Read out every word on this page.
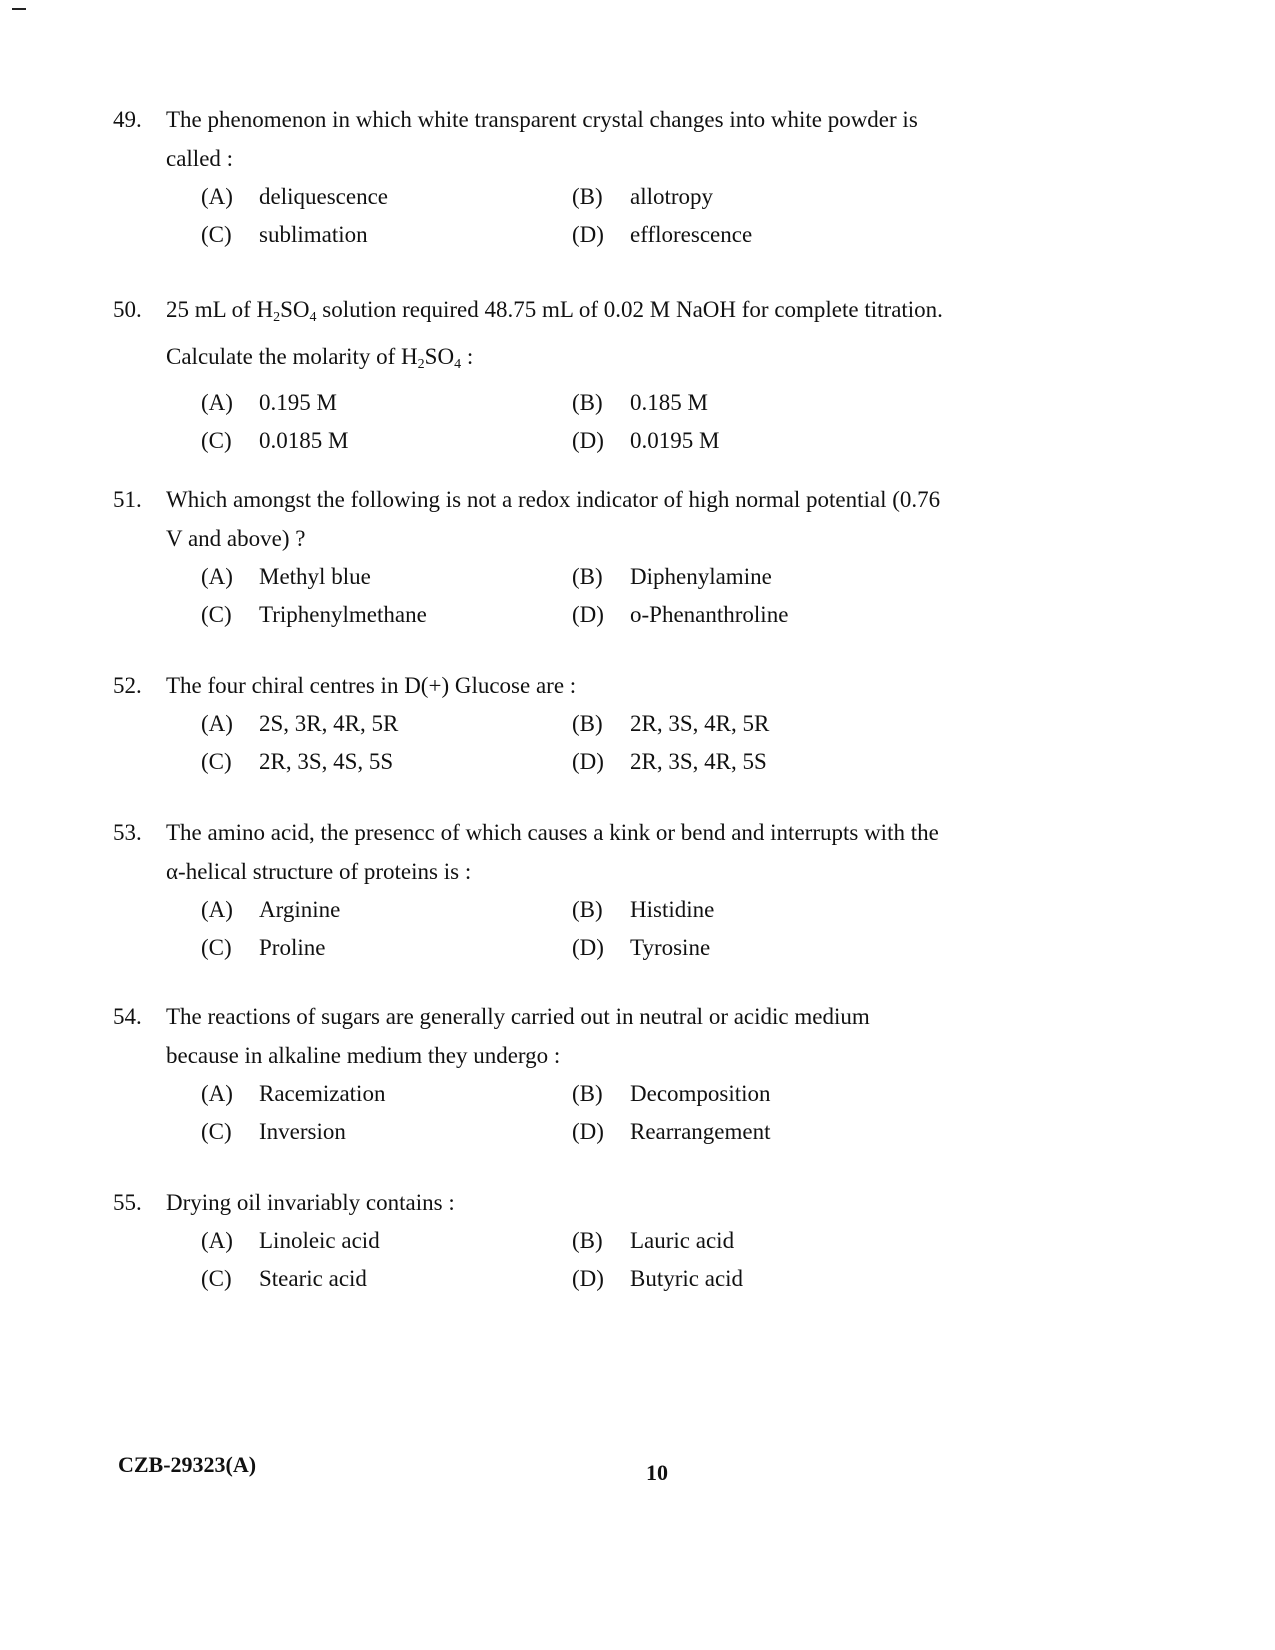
49.	The phenomenon in which white transparent crystal changes into white powder is called :
(A)	deliquescence	(B)	allotropy
(C)	sublimation	(D)	efflorescence
50.	25 mL of $H_2SO_4$ solution required 48.75 mL of 0.02 M NaOH for complete titration. Calculate the molarity of $H_2SO_4$ :
(A)	0.195 M	(B)	0.185 M
(C)	0.0185 M	(D)	0.0195 M
51.	Which amongst the following is not a redox indicator of high normal potential (0.76 V and above) ?
(A)	Methyl blue	(B)	Diphenylamine
(C)	Triphenylmethane	(D)	o-Phenanthroline
52.	The four chiral centres in D(+) Glucose are :
(A)	2S, 3R, 4R, 5R	(B)	2R, 3S, 4R, 5R
(C)	2R, 3S, 4S, 5S	(D)	2R, 3S, 4R, 5S
53.	The amino acid, the presencc of which causes a kink or bend and interrupts with the α-helical structure of proteins is :
(A)	Arginine	(B)	Histidine
(C)	Proline	(D)	Tyrosine
54.	The reactions of sugars are generally carried out in neutral or acidic medium because in alkaline medium they undergo :
(A)	Racemization	(B)	Decomposition
(C)	Inversion	(D)	Rearrangement
55.	Drying oil invariably contains :
(A)	Linoleic acid	(B)	Lauric acid
(C)	Stearic acid	(D)	Butyric acid
CZB-29323(A)	10
